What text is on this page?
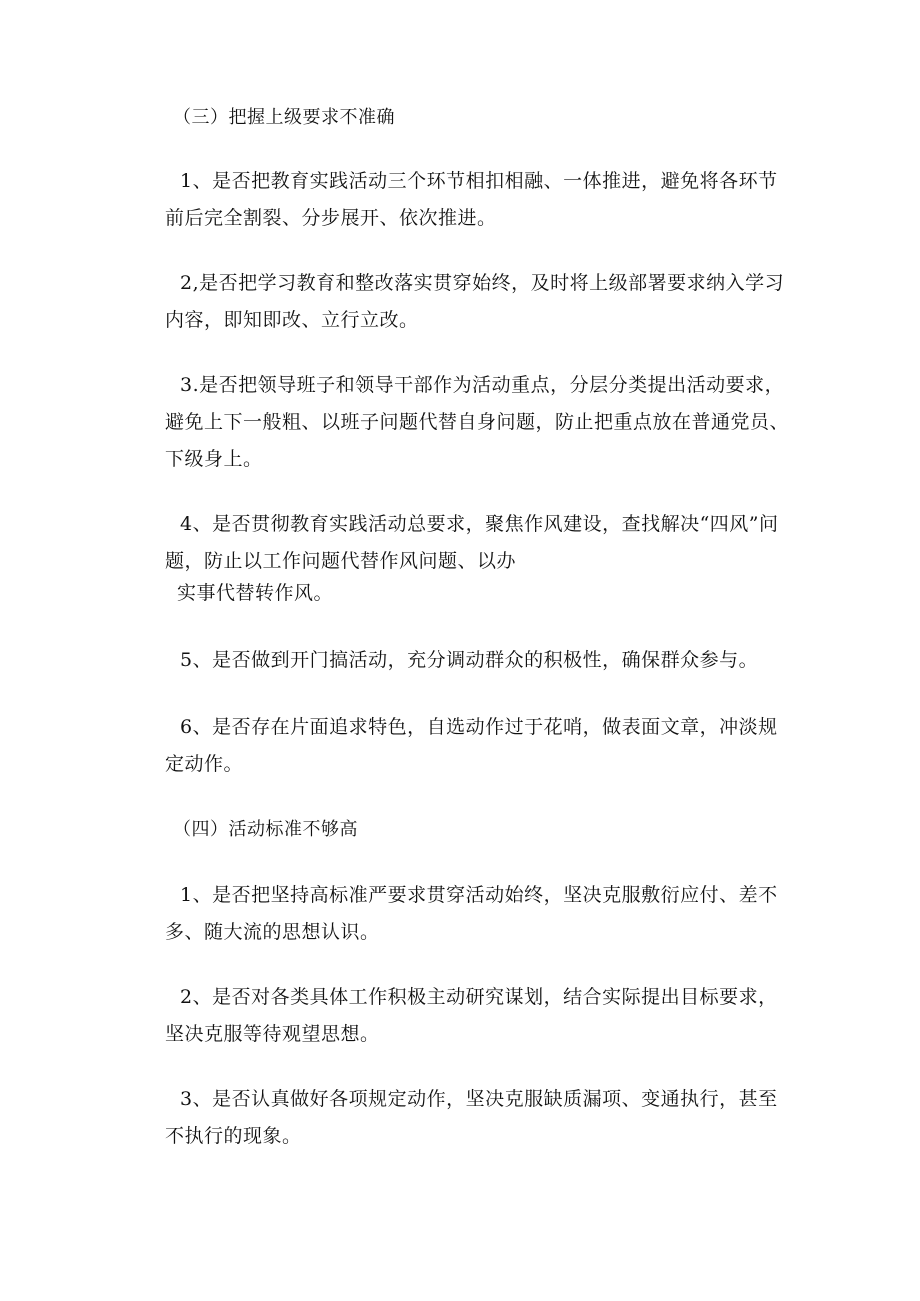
（三）把握上级要求不准确

1、是否把教育实践活动三个环节相扣相融、一体推进，避免将各环节前后完全割裂、分步展开、依次推进。

2,是否把学习教育和整改落实贯穿始终，及时将上级部署要求纳入学习内容，即知即改、立行立改。

3.是否把领导班子和领导干部作为活动重点，分层分类提出活动要求，避免上下一般粗、以班子问题代替自身问题，防止把重点放在普通党员、下级身上。

4、是否贯彻教育实践活动总要求，聚焦作风建设，查找解决“四风”问题，防止以工作问题代替作风问题、以办

实事代替转作风。

5、是否做到开门搞活动，充分调动群众的积极性，确保群众参与。

6、是否存在片面追求特色，自选动作过于花哨，做表面文章，冲淡规定动作。

（四）活动标准不够高

1、是否把坚持高标准严要求贯穿活动始终，坚决克服敷衍应付、差不多、随大流的思想认识。

2、是否对各类具体工作积极主动研究谋划，结合实际提出目标要求，坚决克服等待观望思想。

3、是否认真做好各项规定动作，坚决克服缺质漏项、变通执行，甚至不执行的现象。
